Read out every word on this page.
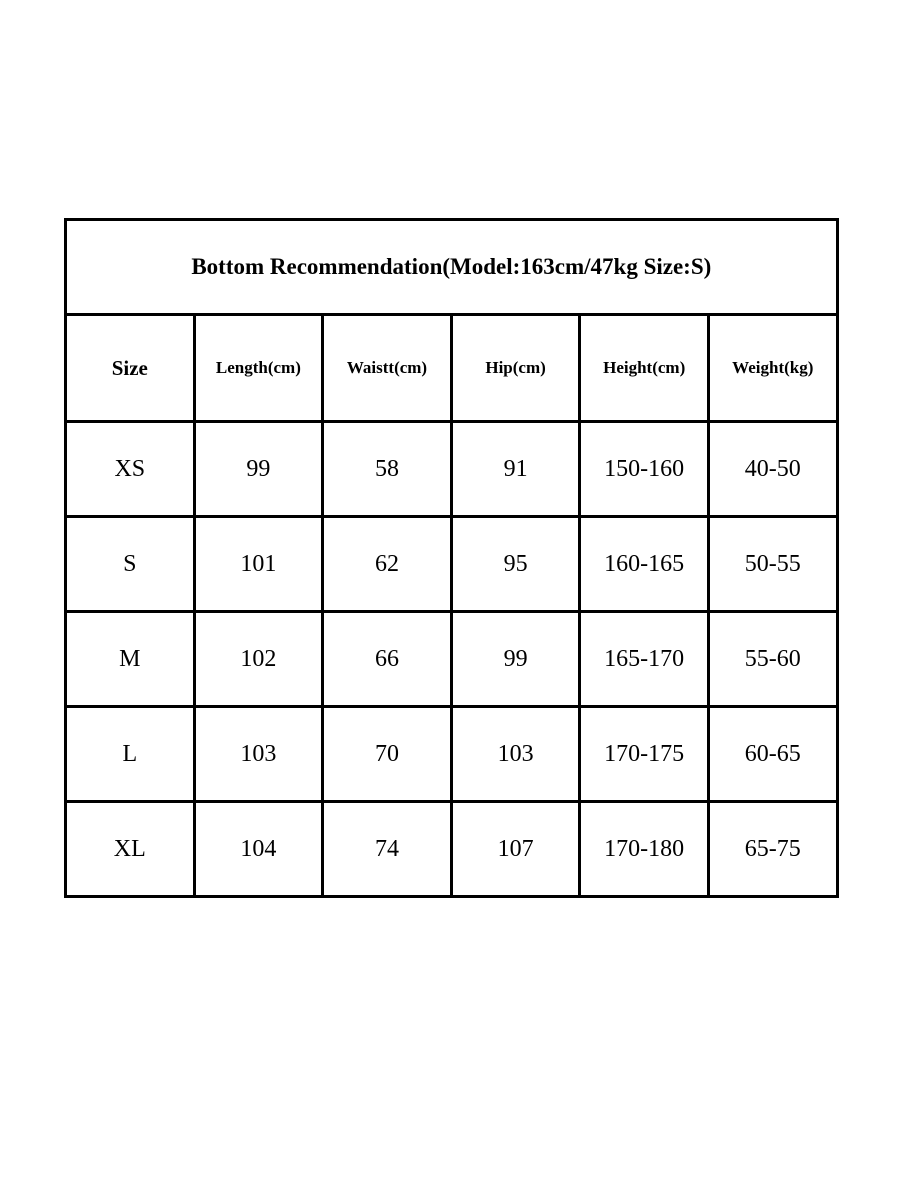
Bottom Recommendation(Model:163cm/47kg Size:S)					
Size	Length(cm)	Waistt(cm)	Hip(cm)	Height(cm)	Weight(kg)
XS	99	58	91	150-160	40-50
S	101	62	95	160-165	50-55
M	102	66	99	165-170	55-60
L	103	70	103	170-175	60-65
XL	104	74	107	170-180	65-75
